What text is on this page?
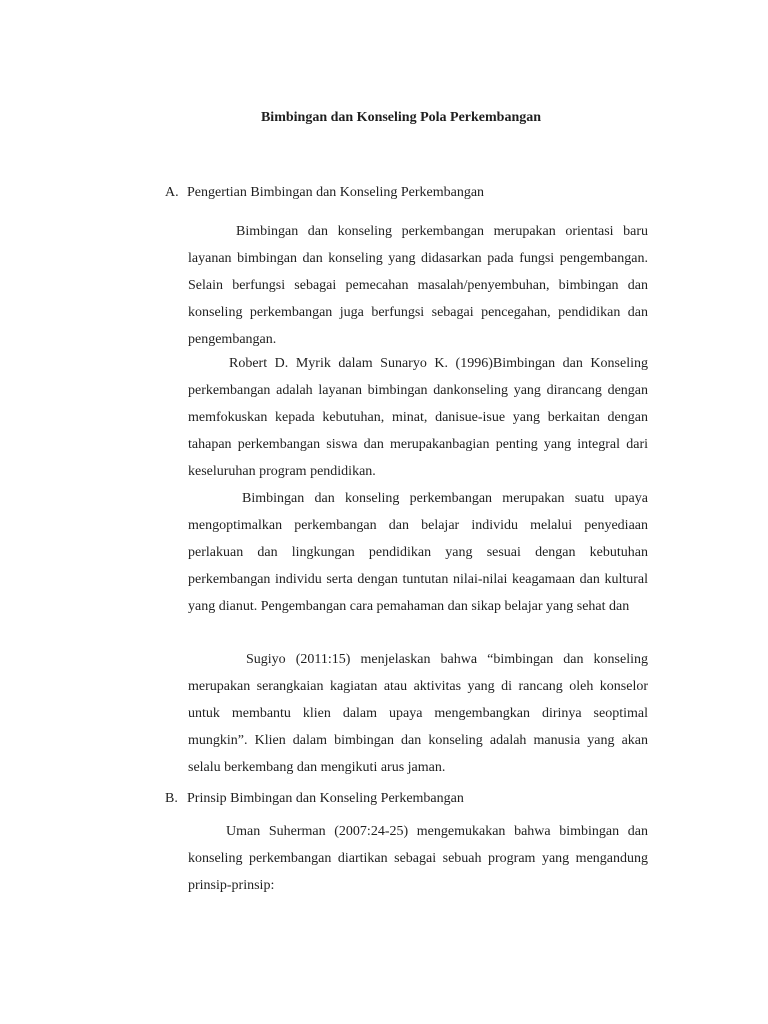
Bimbingan dan Konseling Pola Perkembangan
A. Pengertian Bimbingan dan Konseling Perkembangan

Bimbingan dan konseling perkembangan merupakan orientasi baru layanan bimbingan dan konseling yang didasarkan pada fungsi pengembangan. Selain berfungsi sebagai pemecahan masalah/penyembuhan, bimbingan dan konseling perkembangan juga berfungsi sebagai pencegahan, pendidikan dan pengembangan.

Robert D. Myrik dalam Sunaryo K. (1996)Bimbingan dan Konseling perkembangan adalah layanan bimbingan dankonseling yang dirancang dengan memfokuskan kepada kebutuhan, minat, danisue-isue yang berkaitan dengan tahapan perkembangan siswa dan merupakanbagian penting yang integral dari keseluruhan program pendidikan.

Bimbingan dan konseling perkembangan merupakan suatu upaya mengoptimalkan perkembangan dan belajar individu melalui penyediaan perlakuan dan lingkungan pendidikan yang sesuai dengan kebutuhan perkembangan individu serta dengan tuntutan nilai-nilai keagamaan dan kultural yang dianut. Pengembangan cara pemahaman dan sikap belajar yang sehat dan

Sugiyo (2011:15) menjelaskan bahwa “bimbingan dan konseling merupakan serangkaian kagiatan atau aktivitas yang di rancang oleh konselor untuk membantu klien dalam upaya mengembangkan dirinya seoptimal mungkin”. Klien dalam bimbingan dan konseling adalah manusia yang akan selalu berkembang dan mengikuti arus jaman.

B. Prinsip Bimbingan dan Konseling Perkembangan

Uman Suherman (2007:24-25) mengemukakan bahwa bimbingan dan konseling perkembangan diartikan sebagai sebuah program yang mengandung prinsip-prinsip:
